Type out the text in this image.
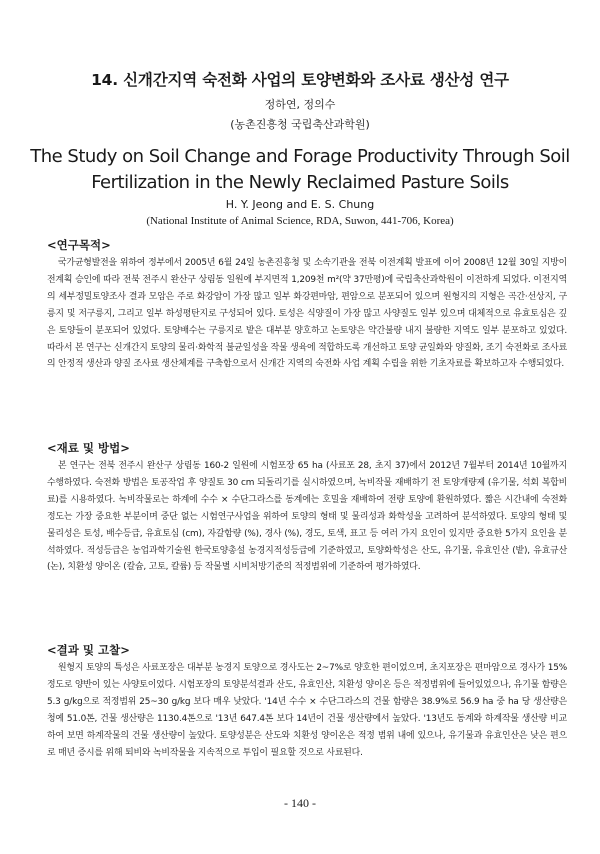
14. 신개간지역 숙전화 사업의 토양변화와 조사료 생산성 연구
정하연, 정의수
(농촌진흥청 국립축산과학원)
The Study on Soil Change and Forage Productivity Through Soil Fertilization in the Newly Reclaimed Pasture Soils
H. Y. Jeong and E. S. Chung
(National Institute of Animal Science, RDA, Suwon, 441-706, Korea)

<연구목적>

국가균형발전을 위하여 정부에서 2005년 6월 24일 농촌진흥청 및 소속기관을 전북 이전계획 발표에 이어 2008년 12월 30일 지방이전계획 승인에 따라 전북 전주시 완산구 상림동 일원에 부지면적 1,209천 m²(약 37만평)에 국립축산과학원이 이전하게 되었다. 이전지역의 세부정밀토양조사 결과 모암은 주로 화강암이 가장 많고 일부 화강편마암, 편암으로 분포되어 있으며 원형지의 지형은 곡간·선상지, 구릉지 및 저구릉지, 그리고 일부 하성평탄지로 구성되어 있다. 토성은 식양질이 가장 많고 사양질도 일부 있으며 대체적으로 유효토심은 깊은 토양들이 분포되어 있었다. 토양배수는 구릉지로 밭은 대부분 양호하고 논토양은 약간불량 내지 불량한 지역도 일부 분포하고 있었다. 따라서 본 연구는 신개간지 토양의 물리·화학적 불균일성을 작물 생육에 적합하도록 개선하고 토양 균일화와 양질화, 조기 숙전화로 조사료의 안정적 생산과 양질 조사료 생산체계를 구축함으로서 신개간 지역의 숙전화 사업 계획 수립을 위한 기초자료를 확보하고자 수행되었다.

<재료 및 방법>

본 연구는 전북 전주시 완산구 상림동 160-2 일원에 시험포장 65 ha (사료포 28, 초지 37)에서 2012년 7월부터 2014년 10월까지 수행하였다. 숙전화 방법은 토공작업 후 양질토 30 cm 되돌리기를 실시하였으며, 녹비작물 재배하기 전 토양개량제 (유기물, 석회 복합비료)를 시용하였다. 녹비작물로는 하계에 수수 × 수단그라스를 동계에는 호밀을 재배하여 전량 토양에 환원하였다. 짧은 시간내에 숙전화 정도는 가장 중요한 부분이며 중단 없는 시험연구사업을 위하여 토양의 형태 및 물리성과 화학성을 고려하여 분석하였다. 토양의 형태 및 물리성은 토성, 배수등급, 유효토심 (cm), 자갈함량 (%), 경사 (%), 경도, 토색, 표고 등 여러 가지 요인이 있지만 중요한 5가지 요인을 분석하였다. 적성등급은 농업과학기술원 한국토양총설 농경지적성등급에 기준하였고, 토양화학성은 산도, 유기물, 유효인산 (밭), 유효규산 (논), 치환성 양이온 (칼슘, 고토, 칼륨) 등 작물별 시비처방기준의 적정범위에 기준하여 평가하였다.

<결과 및 고찰>

원형지 토양의 특성은 사료포장은 대부분 농경지 토양으로 경사도는 2~7%로 양호한 편이었으며, 초지포장은 편마암으로 경사가 15% 정도로 양반이 있는 사양토이었다. 시험포장의 토양분석결과 산도, 유효인산, 치환성 양이온 등은 적정범위에 들어있었으나, 유기물 함량은 5.3 g/kg으로 적정범위 25~30 g/kg 보다 매우 낮았다. '14년 수수 × 수단그라스의 건물 함량은 38.9%로 56.9 ha 중 ha 당 생산량은 청예 51.0톤, 건물 생산량은 1130.4톤으로 '13년 647.4톤 보다 14년이 건물 생산량에서 높았다. '13년도 동계와 하계작물 생산량 비교하여 보면 하계작물의 건물 생산량이 높았다. 토양성분은 산도와 치환성 양이온은 적정 범위 내에 있으나, 유기물과 유효인산은 낮은 편으로 매년 증시를 위해 퇴비와 녹비작물을 지속적으로 투입이 필요할 것으로 사료된다.

- 140 -
